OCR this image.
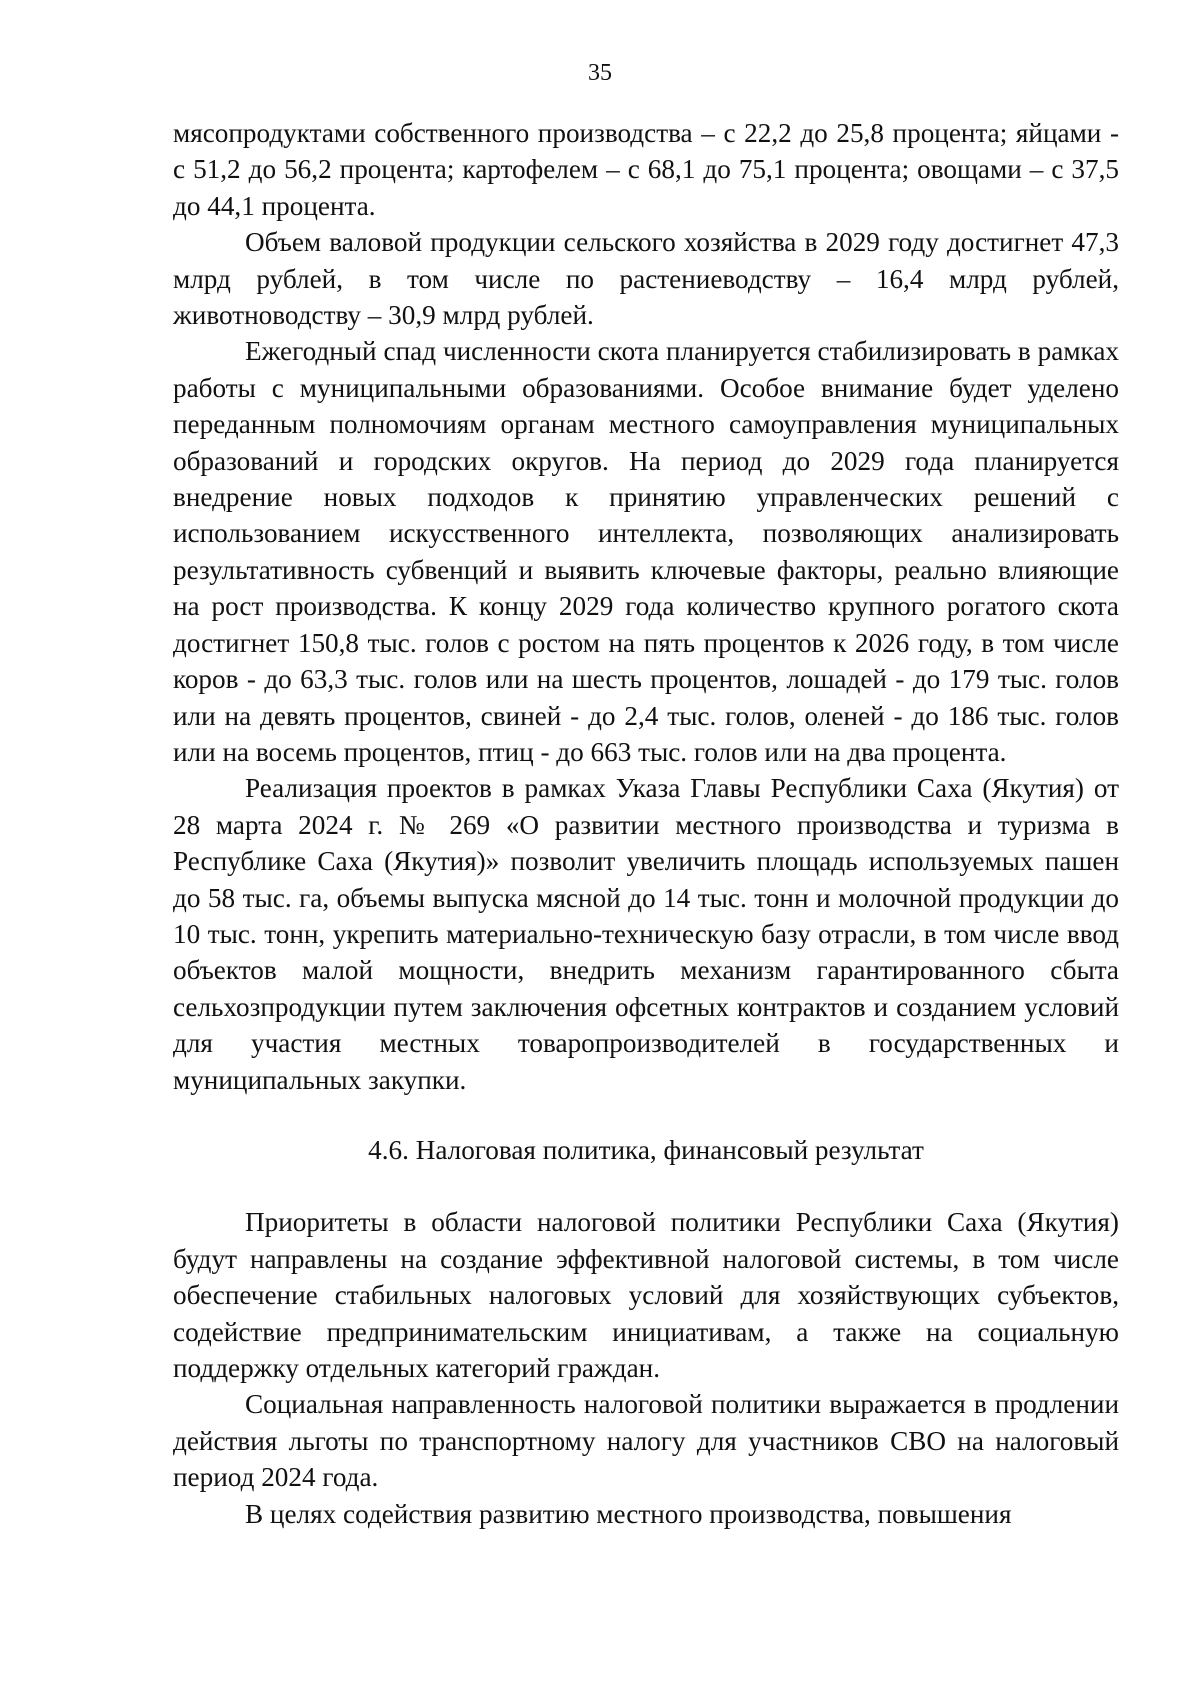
35

мясопродуктами собственного производства – с 22,2 до 25,8 процента; яйцами - с 51,2 до 56,2 процента; картофелем – с 68,1 до 75,1 процента; овощами – с 37,5 до 44,1 процента.

Объем валовой продукции сельского хозяйства в 2029 году достигнет 47,3 млрд рублей, в том числе по растениеводству – 16,4 млрд рублей, животноводству – 30,9 млрд рублей.

Ежегодный спад численности скота планируется стабилизировать в рамках работы с муниципальными образованиями. Особое внимание будет уделено переданным полномочиям органам местного самоуправления муниципальных образований и городских округов. На период до 2029 года планируется внедрение новых подходов к принятию управленческих решений с использованием искусственного интеллекта, позволяющих анализировать результативность субвенций и выявить ключевые факторы, реально влияющие на рост производства. К концу 2029 года количество крупного рогатого скота достигнет 150,8 тыс. голов с ростом на пять процентов к 2026 году, в том числе коров - до 63,3 тыс. голов или на шесть процентов, лошадей - до 179 тыс. голов или на девять процентов, свиней - до 2,4 тыс. голов, оленей - до 186 тыс. голов или на восемь процентов, птиц - до 663 тыс. голов или на два процента.

Реализация проектов в рамках Указа Главы Республики Саха (Якутия) от 28 марта 2024 г. № 269 «О развитии местного производства и туризма в Республике Саха (Якутия)» позволит увеличить площадь используемых пашен до 58 тыс. га, объемы выпуска мясной до 14 тыс. тонн и молочной продукции до 10 тыс. тонн, укрепить материально-техническую базу отрасли, в том числе ввод объектов малой мощности, внедрить механизм гарантированного сбыта сельхозпродукции путем заключения офсетных контрактов и созданием условий для участия местных товаропроизводителей в государственных и муниципальных закупки.

4.6. Налоговая политика, финансовый результат

Приоритеты в области налоговой политики Республики Саха (Якутия) будут направлены на создание эффективной налоговой системы, в том числе обеспечение стабильных налоговых условий для хозяйствующих субъектов, содействие предпринимательским инициативам, а также на социальную поддержку отдельных категорий граждан.

Социальная направленность налоговой политики выражается в продлении действия льготы по транспортному налогу для участников СВО на налоговый период 2024 года.

В целях содействия развитию местного производства, повышения
